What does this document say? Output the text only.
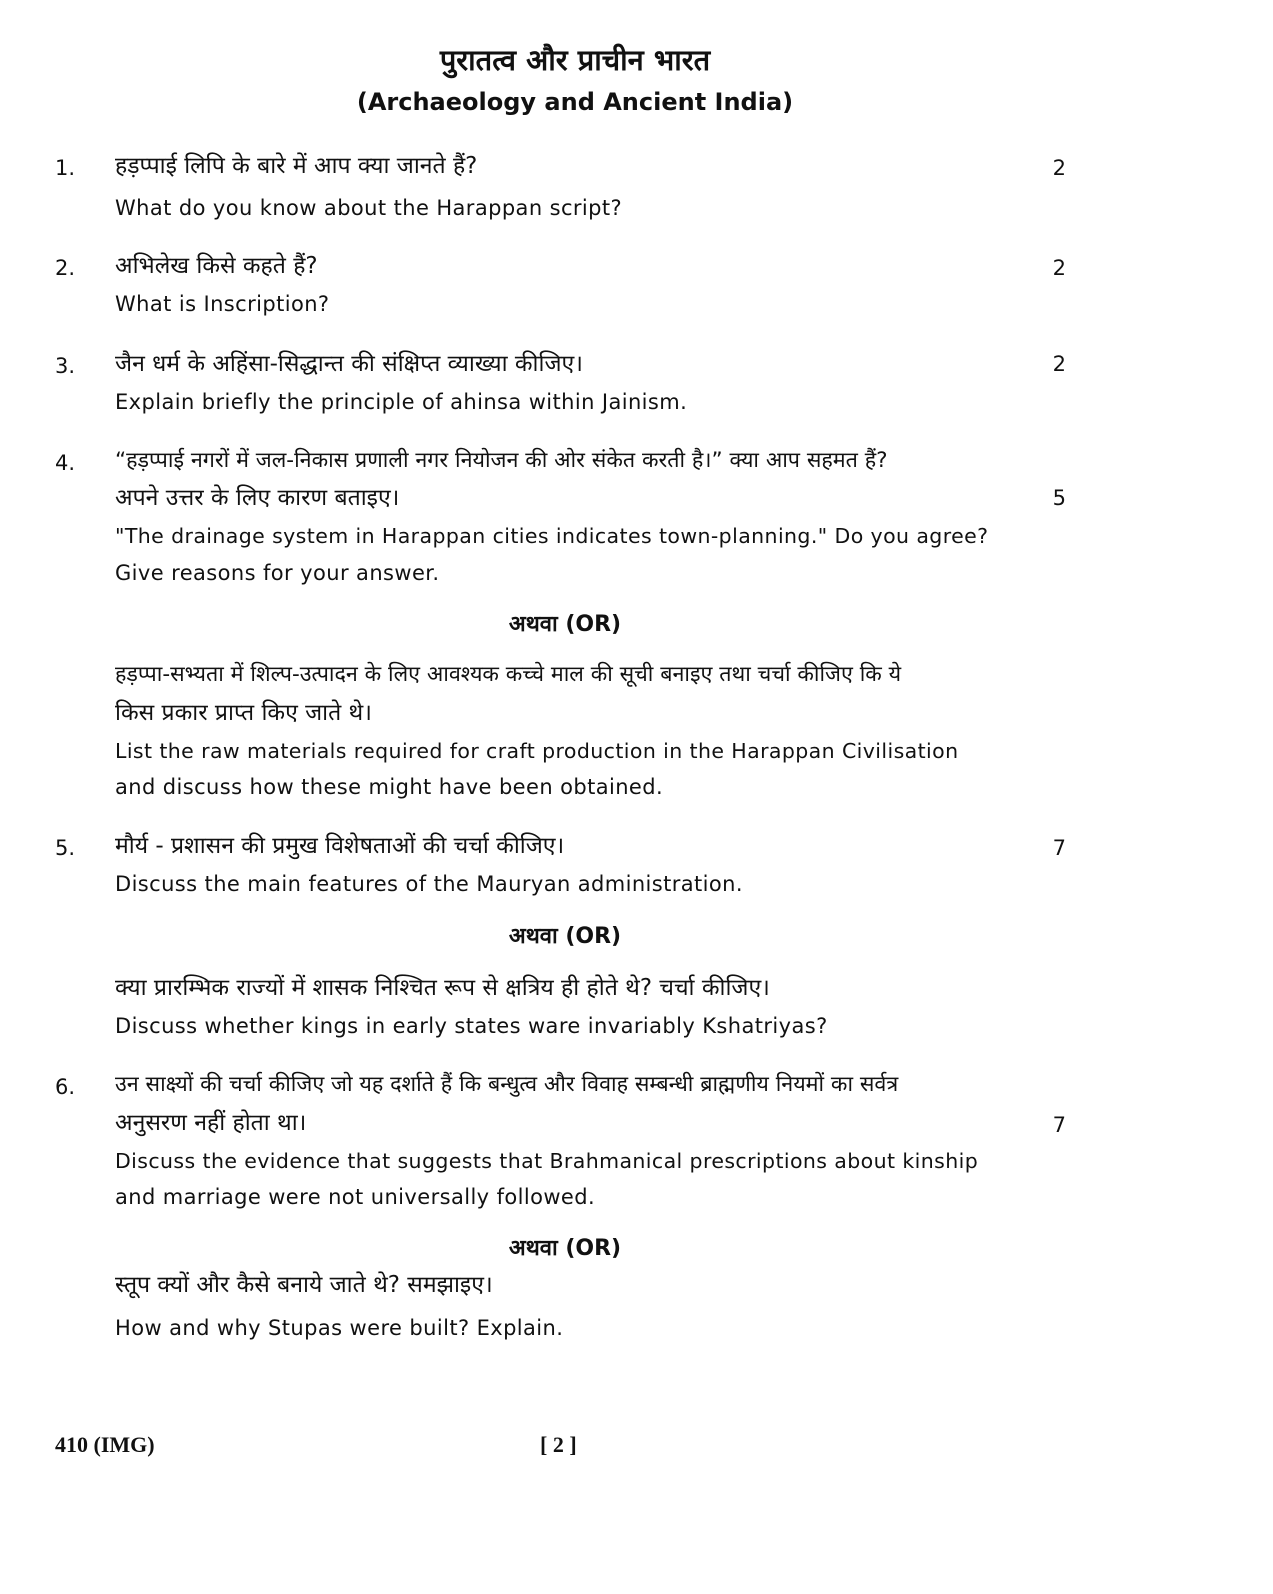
पुरातत्व और प्राचीन भारत
(Archaeology and Ancient India)
1. हड़प्पाई लिपि के बारे में आप क्या जानते हैं?	2
What do you know about the Harappan script?
2. अभिलेख किसे कहते हैं?	2
What is Inscription?
3. जैन धर्म के अहिंसा-सिद्धान्त की संक्षिप्त व्याख्या कीजिए।	2
Explain briefly the principle of ahinsa within Jainism.
4. “हड़प्पाई नगरों में जल-निकास प्रणाली नगर नियोजन की ओर संकेत करती है।” क्या आप सहमत हैं?
अपने उत्तर के लिए कारण बताइए।	5
"The drainage system in Harappan cities indicates town-planning." Do you agree?
Give reasons for your answer.
अथवा (OR)
हड़प्पा-सभ्यता में शिल्प-उत्पादन के लिए आवश्यक कच्चे माल की सूची बनाइए तथा चर्चा कीजिए कि ये
किस प्रकार प्राप्त किए जाते थे।
List the raw materials required for craft production in the Harappan Civilisation
and discuss how these might have been obtained.
5. मौर्य - प्रशासन की प्रमुख विशेषताओं की चर्चा कीजिए।	7
Discuss the main features of the Mauryan administration.
अथवा (OR)
क्या प्रारम्भिक राज्यों में शासक निश्चित रूप से क्षत्रिय ही होते थे? चर्चा कीजिए।
Discuss whether kings in early states ware invariably Kshatriyas?
6. उन साक्ष्यों की चर्चा कीजिए जो यह दर्शाते हैं कि बन्धुत्व और विवाह सम्बन्धी ब्राह्मणीय नियमों का सर्वत्र
अनुसरण नहीं होता था।	7
Discuss the evidence that suggests that Brahmanical prescriptions about kinship
and marriage were not universally followed.
अथवा (OR)
स्तूप क्यों और कैसे बनाये जाते थे? समझाइए।
How and why Stupas were built? Explain.
410 (IMG)	[ 2 ]
